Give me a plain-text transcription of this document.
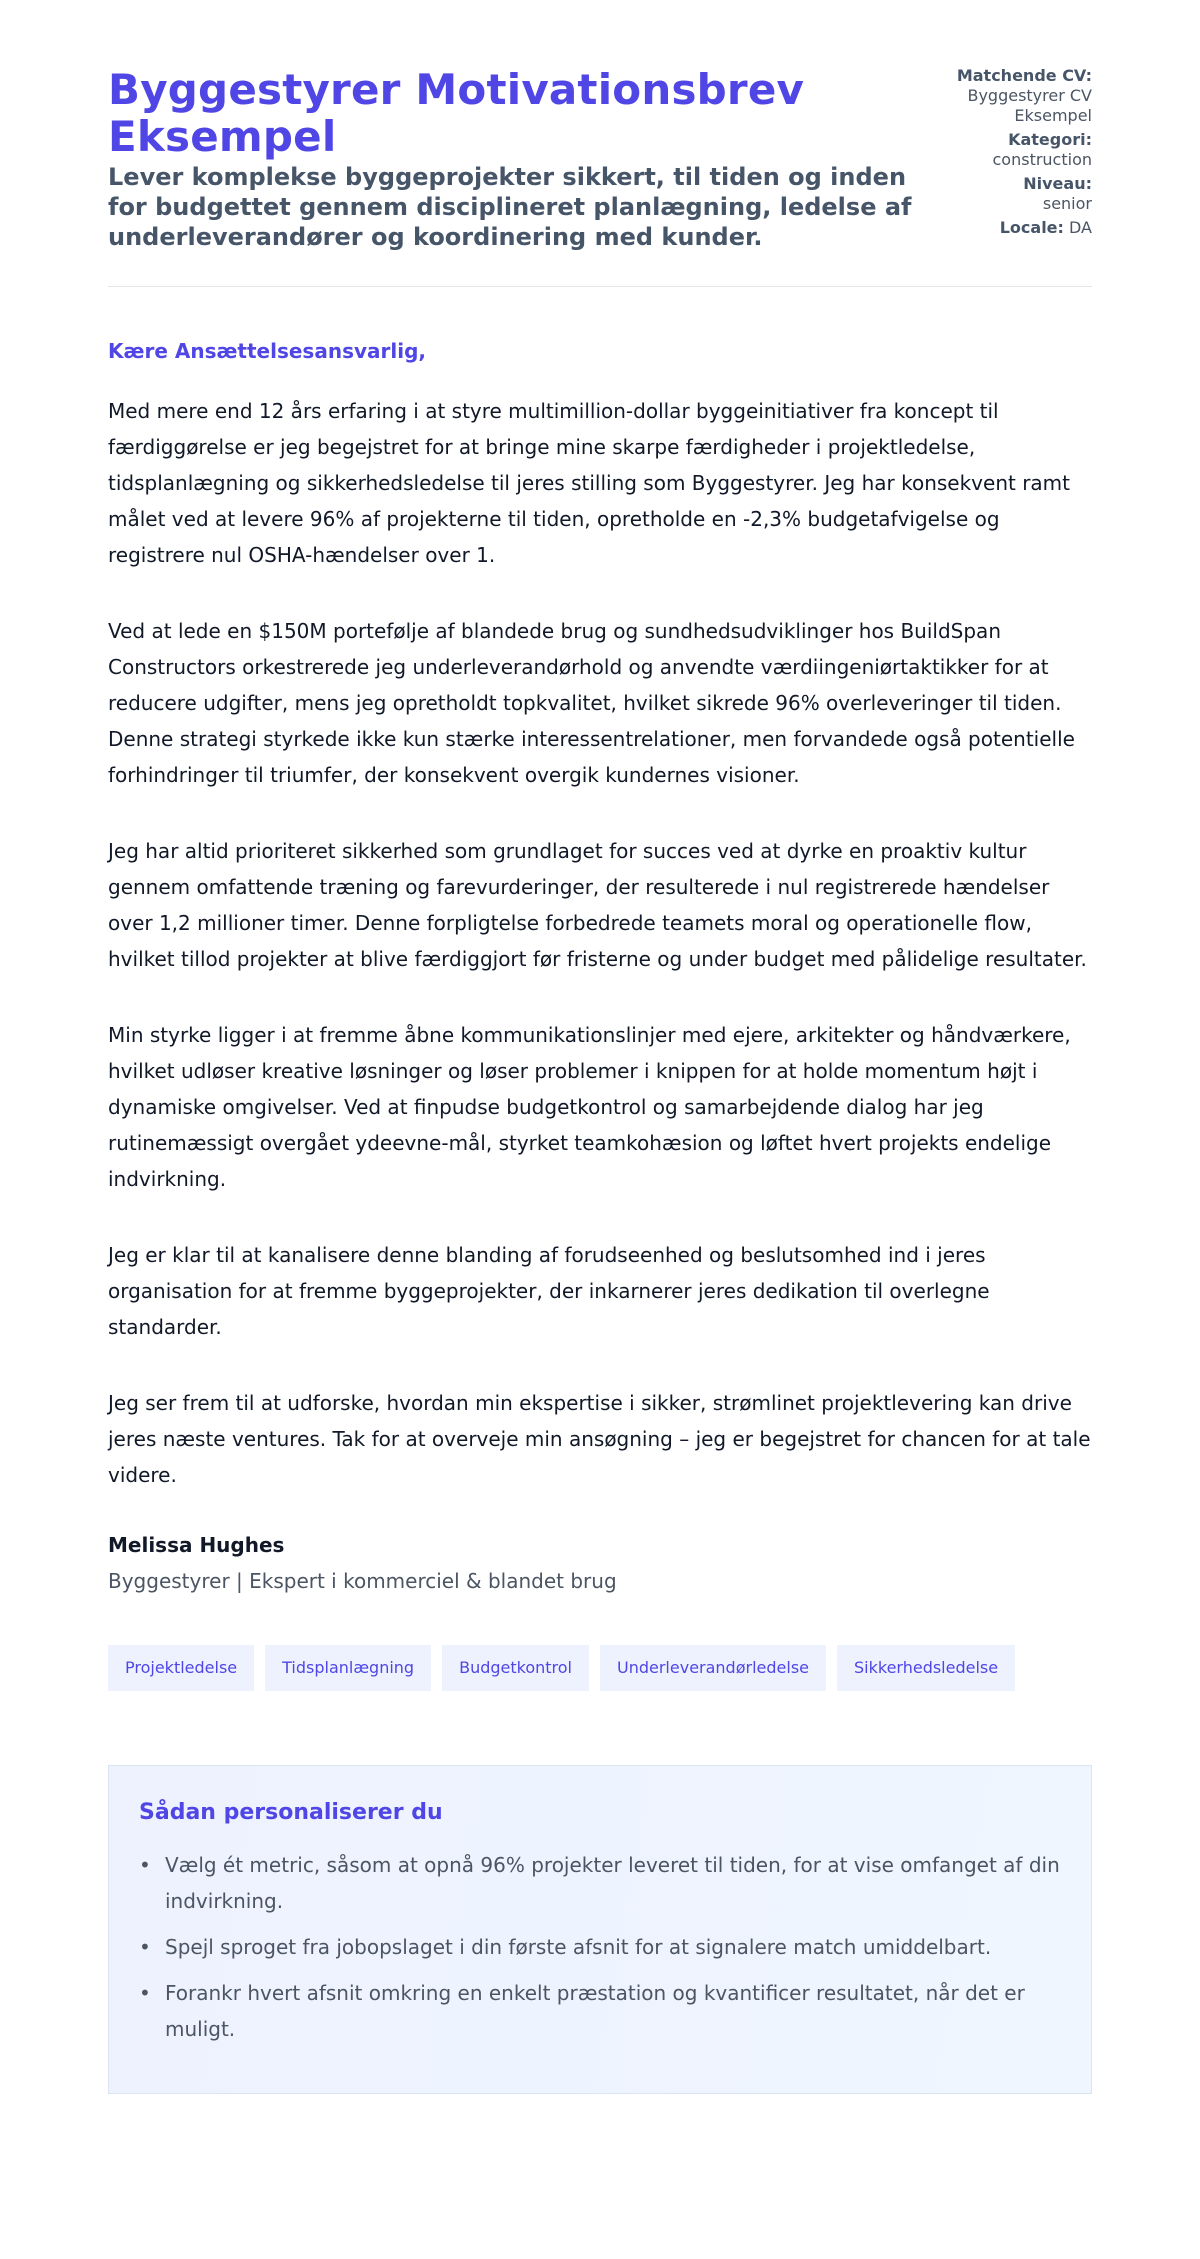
Byggestyrer Motivationsbrev Eksempel
Lever komplekse byggeprojekter sikkert, til tiden og inden for budgettet gennem disciplineret planlægning, ledelse af underleverandører og koordinering med kunder.
Matchende CV:
Byggestyrer CV Eksempel
Kategori:
construction
Niveau:
senior
Locale: DA
Kære Ansættelsesansvarlig,

Med mere end 12 års erfaring i at styre multimillion-dollar byggeinitiativer fra koncept til færdiggørelse er jeg begejstret for at bringe mine skarpe færdigheder i projektledelse, tidsplanlægning og sikkerhedsledelse til jeres stilling som Byggestyrer. Jeg har konsekvent ramt målet ved at levere 96% af projekterne til tiden, opretholde en -2,3% budgetafvigelse og registrere nul OSHA-hændelser over 1.

Ved at lede en $150M portefølje af blandede brug og sundhedsudviklinger hos BuildSpan Constructors orkestrerede jeg underleverandørhold og anvendte værdiingeniørtaktikker for at reducere udgifter, mens jeg opretholdt topkvalitet, hvilket sikrede 96% overleveringer til tiden. Denne strategi styrkede ikke kun stærke interessentrelationer, men forvandede også potentielle forhindringer til triumfer, der konsekvent overgik kundernes visioner.

Jeg har altid prioriteret sikkerhed som grundlaget for succes ved at dyrke en proaktiv kultur gennem omfattende træning og farevurderinger, der resulterede i nul registrerede hændelser over 1,2 millioner timer. Denne forpligtelse forbedrede teamets moral og operationelle flow, hvilket tillod projekter at blive færdiggjort før fristerne og under budget med pålidelige resultater.

Min styrke ligger i at fremme åbne kommunikationslinjer med ejere, arkitekter og håndværkere, hvilket udløser kreative løsninger og løser problemer i knippen for at holde momentum højt i dynamiske omgivelser. Ved at finpudse budgetkontrol og samarbejdende dialog har jeg rutinemæssigt overgået ydeevne-mål, styrket teamkohæsion og løftet hvert projekts endelige indvirkning.

Jeg er klar til at kanalisere denne blanding af forudseenhed og beslutsomhed ind i jeres organisation for at fremme byggeprojekter, der inkarnerer jeres dedikation til overlegne standarder.

Jeg ser frem til at udforske, hvordan min ekspertise i sikker, strømlinet projektlevering kan drive jeres næste ventures. Tak for at overveje min ansøgning – jeg er begejstret for chancen for at tale videre.

Melissa Hughes
Byggestyrer | Ekspert i kommerciel & blandet brug
Projektledelse	Tidsplanlægning	Budgetkontrol	Underleverandørledelse	Sikkerhedsledelse
Sådan personaliserer du
• Vælg ét metric, såsom at opnå 96% projekter leveret til tiden, for at vise omfanget af din indvirkning.
• Spejl sproget fra jobopslaget i din første afsnit for at signalere match umiddelbart.
• Forankr hvert afsnit omkring en enkelt præstation og kvantificer resultatet, når det er muligt.
